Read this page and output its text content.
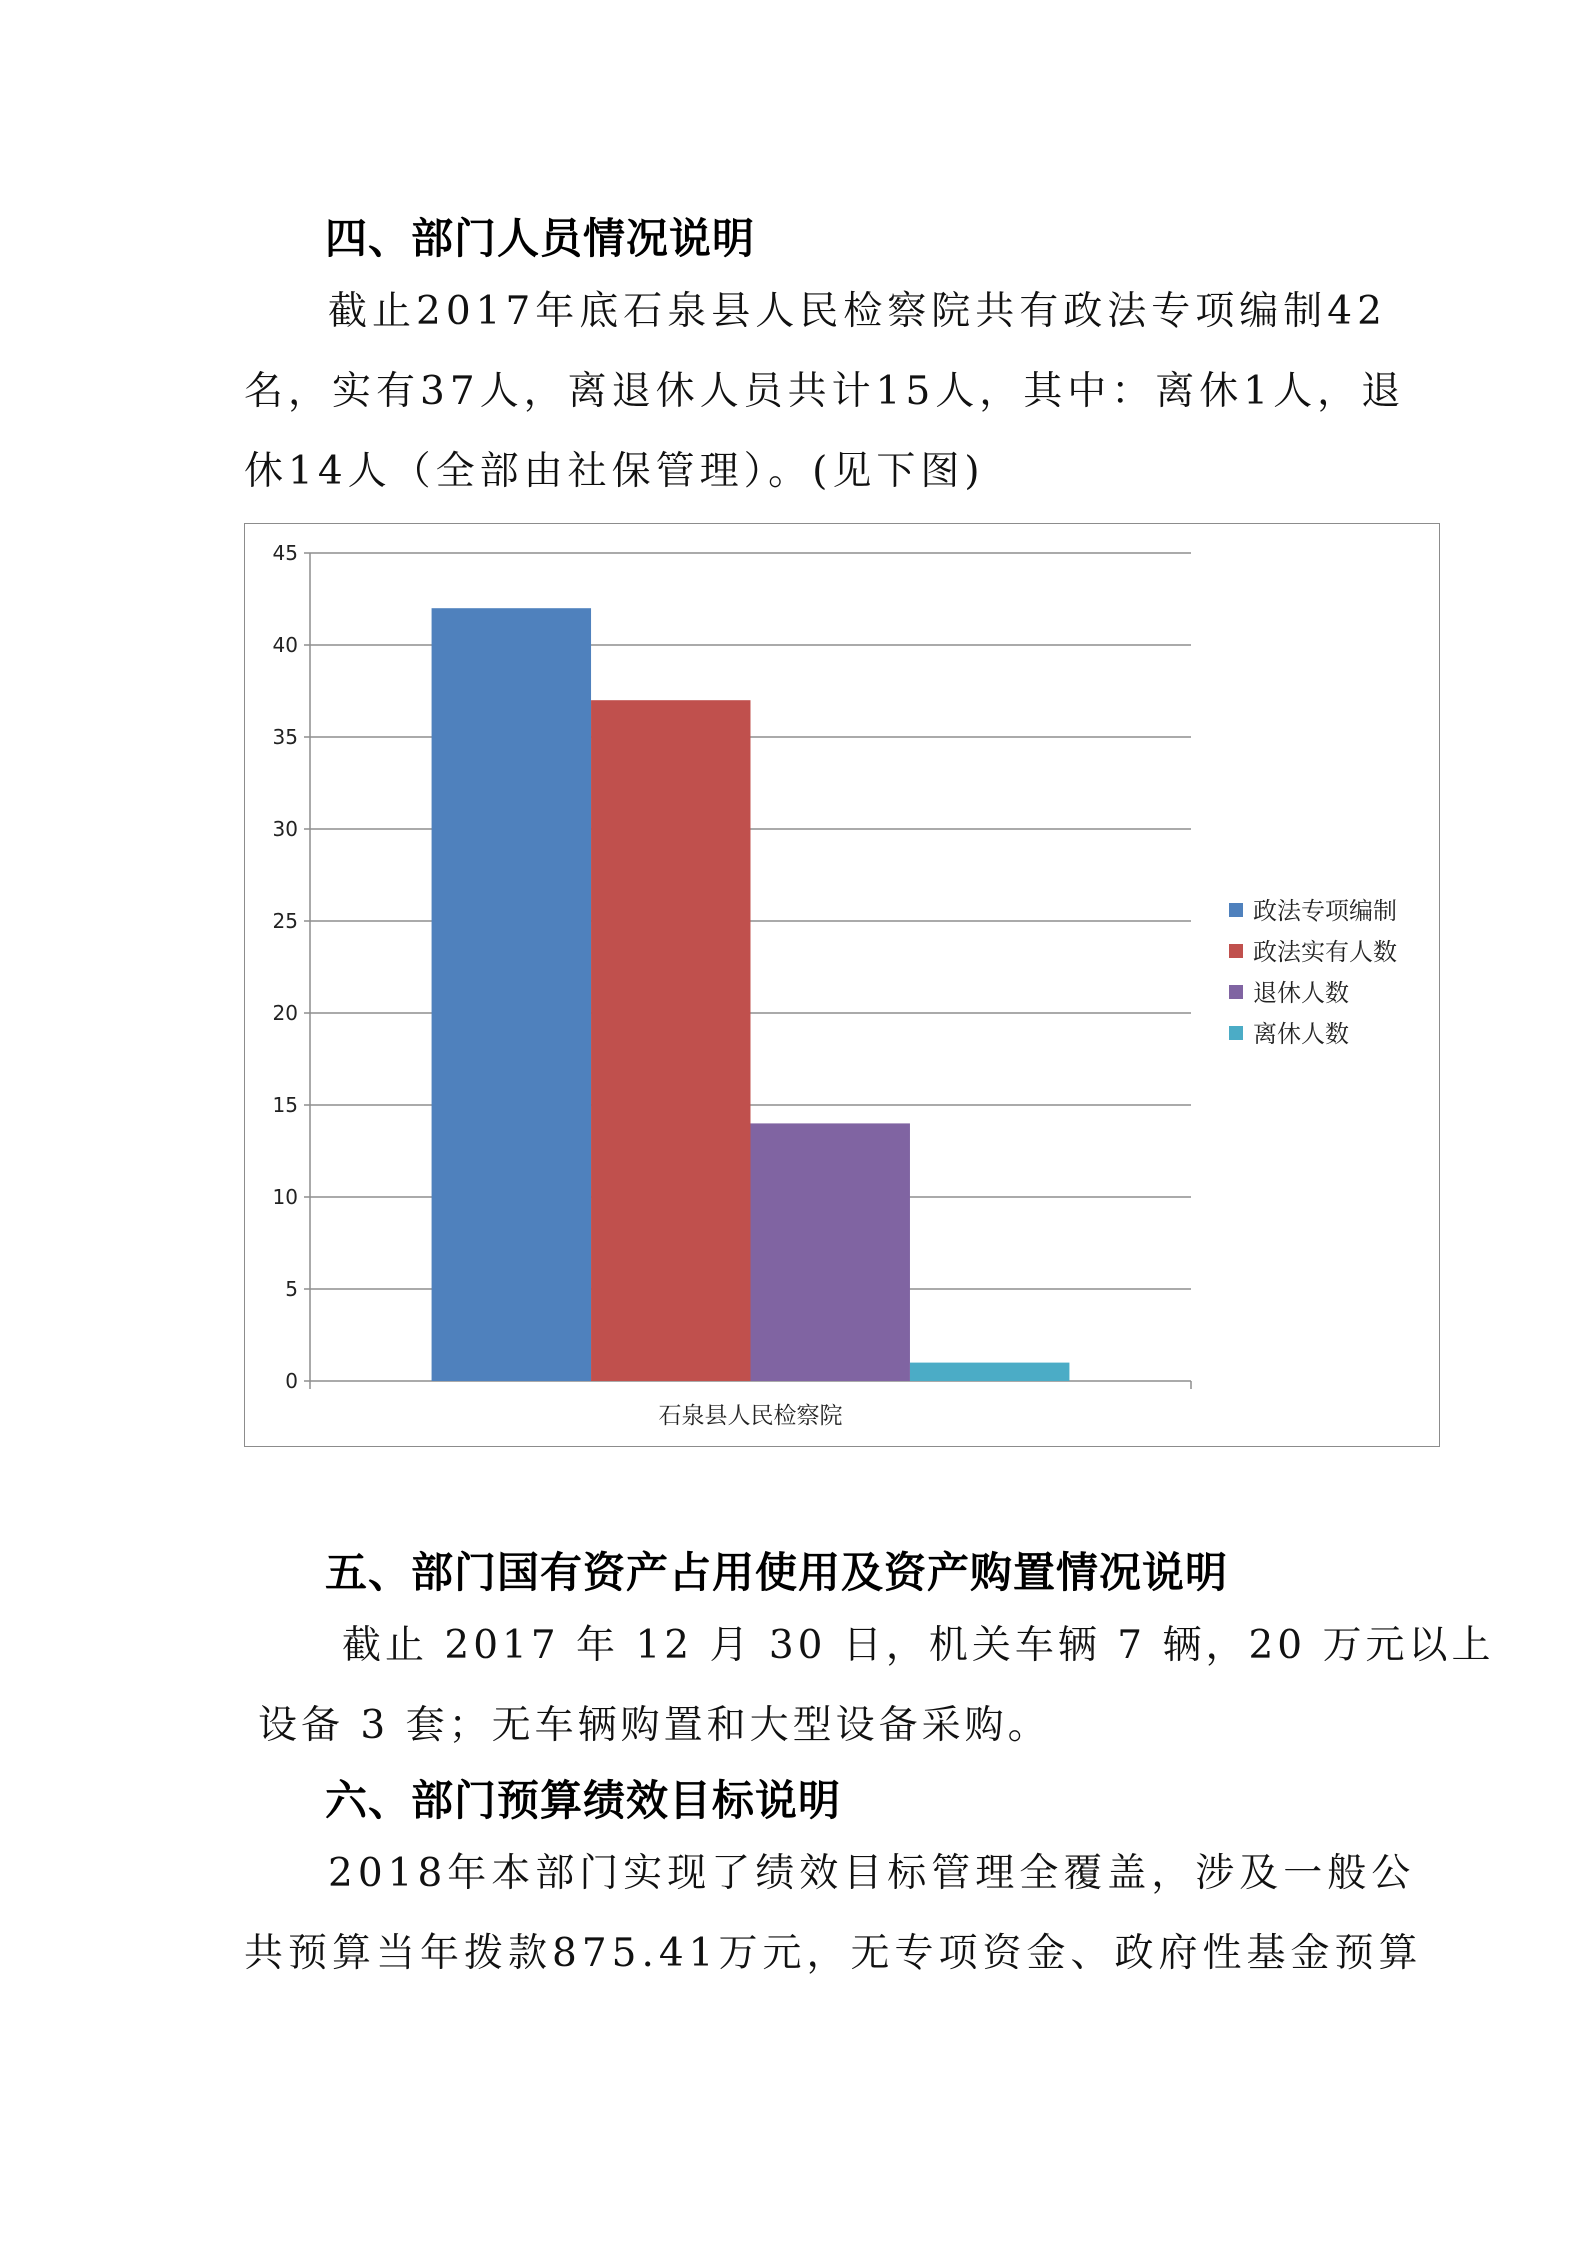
四、部门人员情况说明
截止2017年底石泉县人民检察院共有政法专项编制42
名，实有37人，离退休人员共计15人，其中：离休1人，退
休14人（全部由社保管理）。(见下图)
0
5
10
15
20
25
30
35
40
45
石泉县人民检察院
政法专项编制
政法实有人数
退休人数
离休人数
五、部门国有资产占用使用及资产购置情况说明
截止 2017 年 12 月 30 日，机关车辆 7 辆，20 万元以上
设备 3 套；无车辆购置和大型设备采购。
六、部门预算绩效目标说明
2018年本部门实现了绩效目标管理全覆盖，涉及一般公
共预算当年拨款875.41万元，无专项资金、政府性基金预算
